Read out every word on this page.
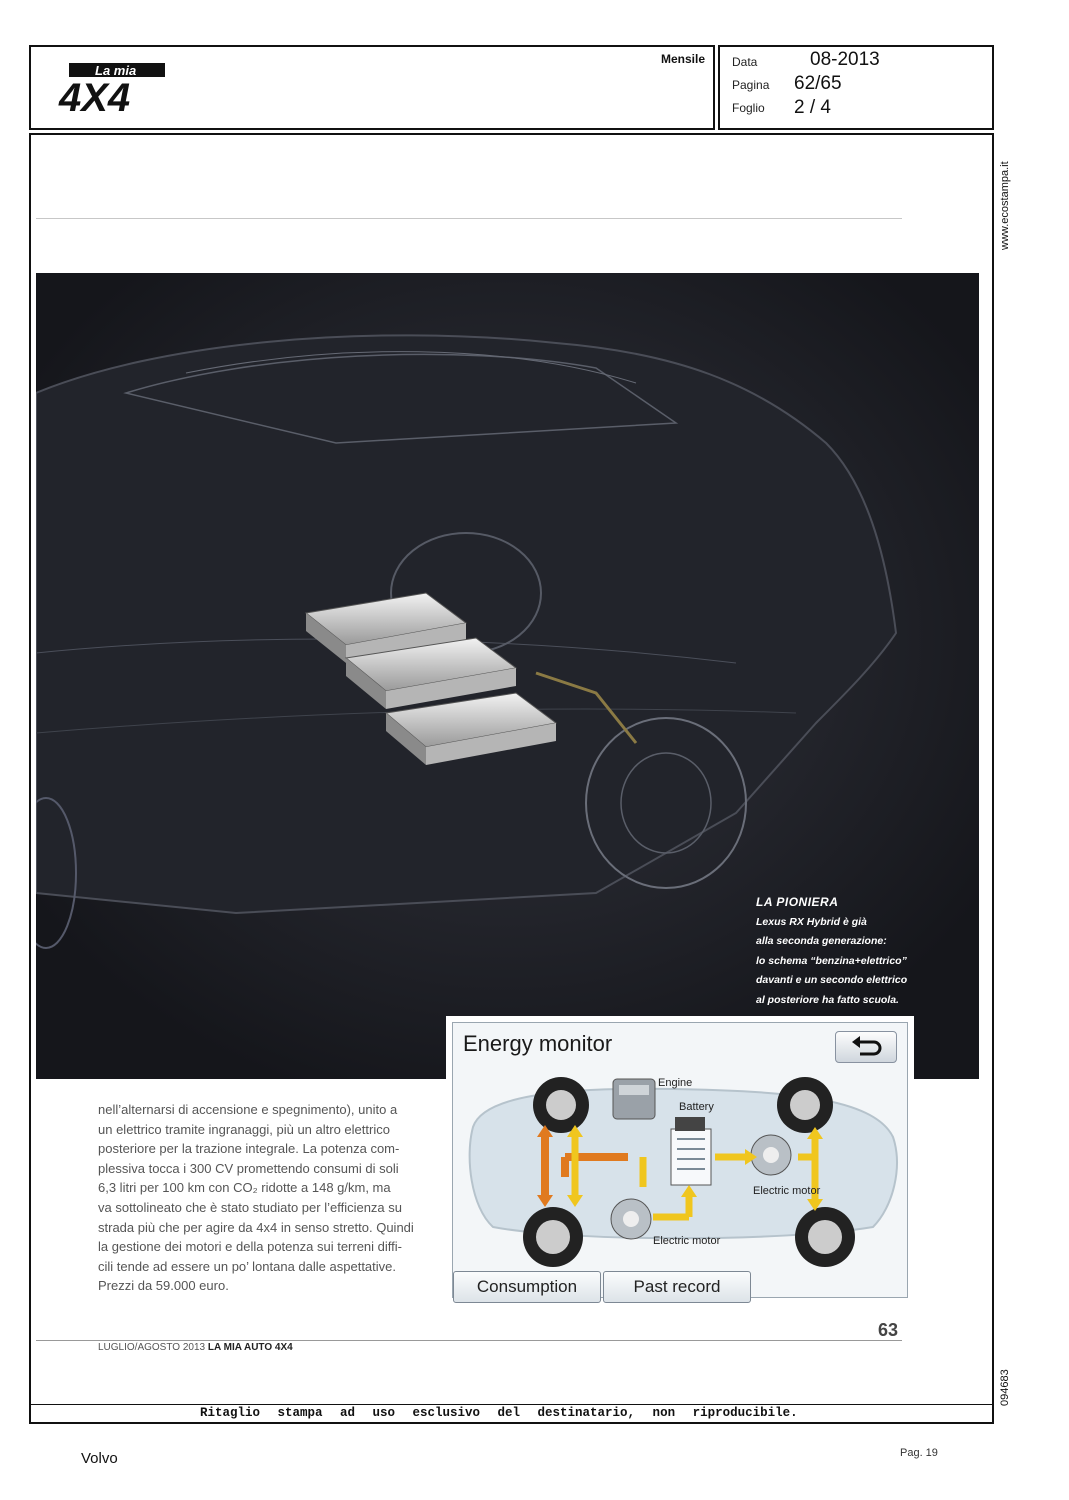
La mia
4X4
Mensile Data	08-2013
Pagina 62/65
Foglio 2 / 4
www.ecostampa.it
094683
LA PIONIERA
Lexus RX Hybrid è già
alla seconda generazione:
lo schema “benzina+elettrico”
davanti e un secondo elettrico
al posteriore ha fatto scuola.
nell’alternarsi di accensione e spegnimento), unito a
un elettrico tramite ingranaggi, più un altro elettrico
posteriore per la trazione integrale. La potenza com-
plessiva tocca i 300 CV promettendo consumi di soli
6,3 litri per 100 km con CO₂ ridotte a 148 g/km, ma
va sottolineato che è stato studiato per l’efficienza su
strada più che per agire da 4x4 in senso stretto. Quindi
la gestione dei motori e della potenza sui terreni diffi-
cili tende ad essere un po’ lontana dalle aspettative.
Prezzi da 59.000 euro.
Energy monitor
Engine
Battery
Electric motor
Electric motor
Consumption	Past record
63
LUGLIO/AGOSTO 2013 LA MIA AUTO 4X4
Ritaglio stampa ad uso esclusivo del destinatario, non riproducibile.
Volvo	Pag. 19
